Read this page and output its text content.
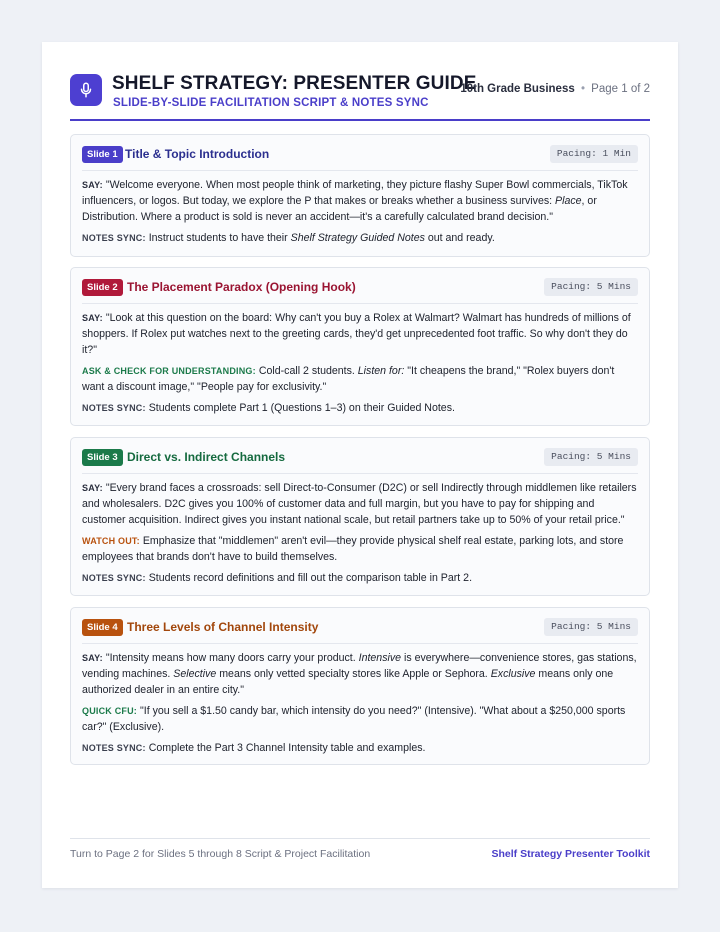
SHELF STRATEGY: PRESENTER GUIDE
SLIDE-BY-SLIDE FACILITATION SCRIPT & NOTES SYNC
10th Grade Business • Page 1 of 2
Slide 1 Title & Topic Introduction	Pacing: 1 Min

SAY: "Welcome everyone. When most people think of marketing, they picture flashy Super Bowl commercials, TikTok influencers, or logos. But today, we explore the P that makes or breaks whether a business survives: Place, or Distribution. Where a product is sold is never an accident—it's a carefully calculated brand decision."

NOTES SYNC: Instruct students to have their Shelf Strategy Guided Notes out and ready.

Slide 2 The Placement Paradox (Opening Hook)	Pacing: 5 Mins

SAY: "Look at this question on the board: Why can't you buy a Rolex at Walmart? Walmart has hundreds of millions of shoppers. If Rolex put watches next to the greeting cards, they'd get unprecedented foot traffic. So why don't they do it?"

ASK & CHECK FOR UNDERSTANDING: Cold-call 2 students. Listen for: "It cheapens the brand," "Rolex buyers don't want a discount image," "People pay for exclusivity."

NOTES SYNC: Students complete Part 1 (Questions 1–3) on their Guided Notes.

Slide 3 Direct vs. Indirect Channels	Pacing: 5 Mins

SAY: "Every brand faces a crossroads: sell Direct-to-Consumer (D2C) or sell Indirectly through middlemen like retailers and wholesalers. D2C gives you 100% of customer data and full margin, but you have to pay for shipping and customer acquisition. Indirect gives you instant national scale, but retail partners take up to 50% of your retail price."

WATCH OUT: Emphasize that "middlemen" aren't evil—they provide physical shelf real estate, parking lots, and store employees that brands don't have to build themselves.

NOTES SYNC: Students record definitions and fill out the comparison table in Part 2.

Slide 4 Three Levels of Channel Intensity	Pacing: 5 Mins

SAY: "Intensity means how many doors carry your product. Intensive is everywhere—convenience stores, gas stations, vending machines. Selective means only vetted specialty stores like Apple or Sephora. Exclusive means only one authorized dealer in an entire city."

QUICK CFU: "If you sell a $1.50 candy bar, which intensity do you need?" (Intensive). "What about a $250,000 sports car?" (Exclusive).

NOTES SYNC: Complete the Part 3 Channel Intensity table and examples.

Turn to Page 2 for Slides 5 through 8 Script & Project Facilitation	Shelf Strategy Presenter Toolkit
